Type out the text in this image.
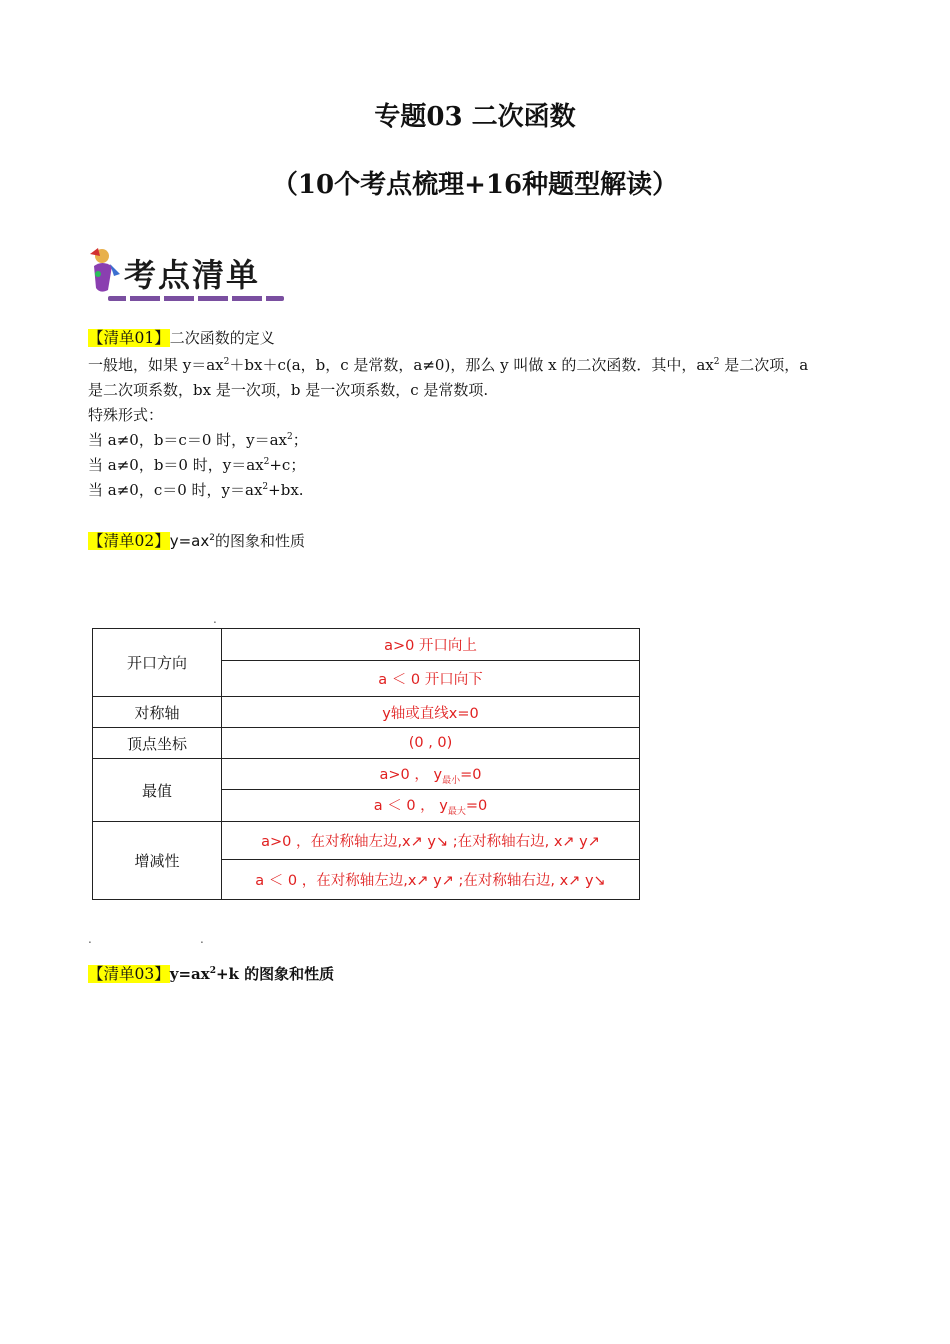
专题03 二次函数
（10个考点梳理+16种题型解读）
考点清单
【清单01】二次函数的定义
一般地，如果 $y=ax^2+bx+c(a$，b，c 是常数，a≠0)，那么 y 叫做 x 的二次函数．其中，$ax^2$ 是二次项，a
是二次项系数，bx 是一次项，b 是一次项系数，c 是常数项.
特殊形式：
当 a≠0，b＝c＝0 时，$y=ax^2$；
当 a≠0，b＝0 时，$y=ax^2+c$；
当 a≠0，c＝0 时，$y=ax^2+bx$.
【清单02】$y=ax^2$的图象和性质
.
开口方向	a>0 开口向上
	a ＜ 0 开口向下
对称轴	y轴或直线x=0
顶点坐标	(0 , 0)
最值	a>0 ， $y_{最小}=0$
	a ＜ 0 ， $y_{最大}=0$
增减性	a>0 ，在对称轴左边,x↗ y↘ ;在对称轴右边, x↗ y↗
	a ＜ 0 ，在对称轴左边,x↗ y↗ ;在对称轴右边, x↗ y↘
.	.
【清单03】$y=ax^2+k$ 的图象和性质
